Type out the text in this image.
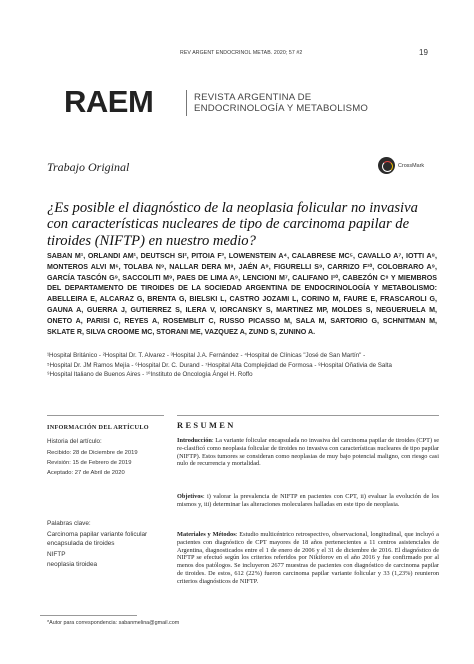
REV ARGENT ENDOCRINOL METAB. 2020; 57 #2	19
RAEM	REVISTA ARGENTINA DE
ENDOCRINOLOGÍA Y METABOLISMO
Trabajo Original	CrossMark
¿Es posible el diagnóstico de la neoplasia folicular no invasiva con características nucleares de tipo de carcinoma papilar de tiroides (NIFTP) en nuestro medio?
SABAN M¹, ORLANDI AM¹, DEUTSCH SI², PITOIA F³, LOWENSTEIN A⁴, CALABRESE MC⁵, CAVALLO A⁷, IOTTI A⁸, MONTEROS ALVI M⁶, TOLABA N⁹, NALLAR DERA M⁹, JAÉN A⁹, FIGURELLI S⁹, CARRIZO F¹⁰, COLOBRARO A⁹, GARCÍA TASCÓN G⁹, SACCOLITI M⁹, PAES DE LIMA A⁹, LENCIONI M⁷, CALIFANO I¹⁰, CABEZÓN C⁸ Y MIEMBROS DEL DEPARTAMENTO DE TIROIDES DE LA SOCIEDAD ARGENTINA DE ENDOCRINOLOGÍA Y METABOLISMO: ABELLEIRA E, ALCARAZ G, BRENTA G, BIELSKI L, CASTRO JOZAMI L, CORINO M, FAURE E, FRASCAROLI G, GAUNA A, GUERRA J, GUTIERREZ S, ILERA V, IORCANSKY S, MARTINEZ MP, MOLDES S, NEGUERUELA M, ONETO A, PARISI C, REYES A, ROSEMBLIT C, RUSSO PICASSO M, SALA M, SARTORIO G, SCHNITMAN M, SKLATE R, SILVA CROOME MC, STORANI ME, VAZQUEZ A, ZUND S, ZUNINO A.
¹Hospital Británico - ²Hospital Dr. T. Alvarez - ³Hospital J.A. Fernández - ⁴Hospital de Clínicas "José de San Martín" -
⁵Hospital Dr. JM Ramos Mejía - ⁶Hospital Dr. C. Durand - ⁷Hospital Alta Complejidad de Formosa - ⁸Hospital Oñativia de Salta
⁹Hospital Italiano de Buenos Aires - ¹⁰Instituto de Oncología Ángel H. Roffo
INFORMACIÓN DEL ARTÍCULO
Historia del artículo:
Recibido: 28 de Diciembre de 2019
Revisión: 15 de Febrero de 2019
Aceptado: 27 de Abril de 2020
Palabras clave:
Carcinoma papilar variante folicular encapsulada de tiroides
NIFTP
neoplasia tiroidea
RESUMEN
Introducción: La variante folicular encapsulada no invasiva del carcinoma papilar de tiroides (CPT) se re-clasificó como neoplasia folicular de tiroides no invasiva con características nucleares de tipo papilar (NIFTP). Estos tumores se consideran como neoplasias de muy bajo potencial maligno, con riesgo casi nulo de recurrencia y mortalidad.
Objetivos: i) valorar la prevalencia de NIFTP en pacientes con CPT, ii) evaluar la evolución de los mismos y, iii) determinar las alteraciones moleculares halladas en este tipo de neoplasia.
Materiales y Métodos: Estudio multicéntrico retrospectivo, observacional, longitudinal, que incluyó a pacientes con diagnóstico de CPT mayores de 18 años pertenecientes a 11 centros asistenciales de Argentina, diagnosticados entre el 1 de enero de 2006 y el 31 de diciembre de 2016. El diagnóstico de NIFTP se efectuó según los criterios referidos por Nikiforov en el año 2016 y fue confirmado por al menos dos patólogos. Se incluyeron 2677 muestras de pacientes con diagnóstico de carcinoma papilar de tiroides. De estos, 612 (22%) fueron carcinoma papilar variante folicular y 33 (1,23%) reunieron criterios diagnósticos de NIFTP.
*Autor para correspondencia: sabanmelina@gmail.com
